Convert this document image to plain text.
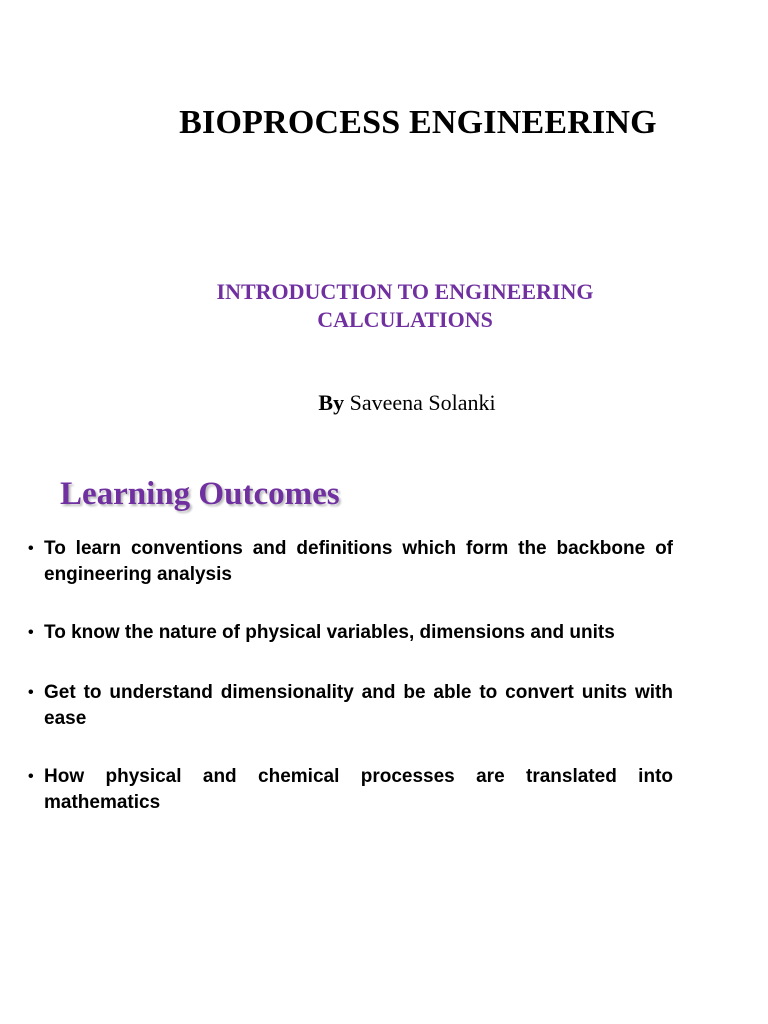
BIOPROCESS ENGINEERING
INTRODUCTION TO ENGINEERING
CALCULATIONS
By Saveena Solanki
Learning Outcomes
• To learn conventions and definitions which form the backbone of engineering analysis
• To know the nature of physical variables, dimensions and units
• Get to understand dimensionality and be able to convert units with ease
• How physical and chemical processes are translated into mathematics
